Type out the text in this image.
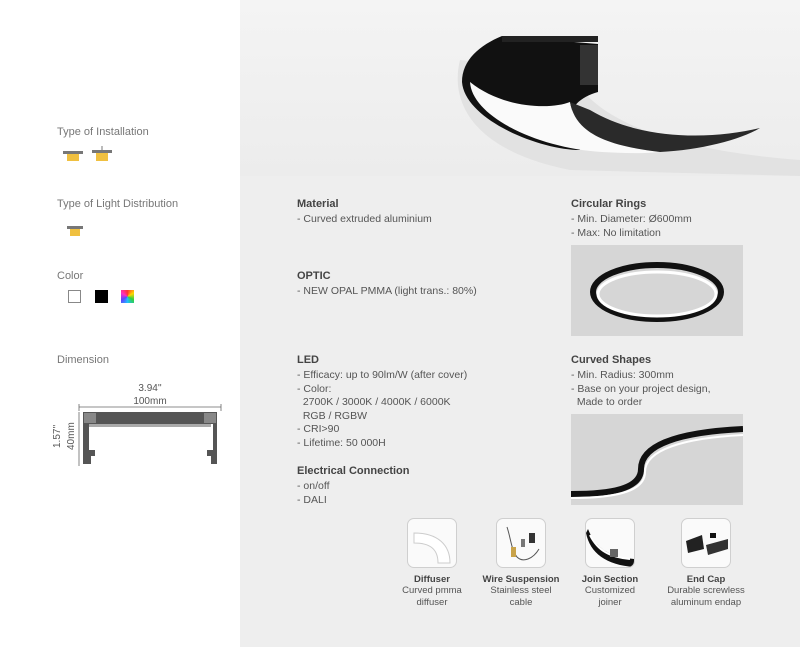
Type of Installation
Type of Light Distribution
Color
Dimension
3.94''
100mm
1.57'' 40mm
Material
- Curved extruded aluminium
OPTIC
- NEW OPAL PMMA (light trans.: 80%)
LED
- Efficacy: up to 90lm/W (after cover)
- Color:
2700K / 3000K / 4000K / 6000K
RGB / RGBW
- CRI>90
- Lifetime: 50 000H
Electrical Connection
- on/off
- DALI
Circular Rings
- Min. Diameter: Ø600mm
- Max: No limitation
Curved Shapes
- Min. Radius: 300mm
- Base on your project design,
Made to order
Diffuser
Curved pmma
diffuser
Wire Suspension
Stainless steel
cable
Join Section
Customized
joiner
End Cap
Durable screwless
aluminum endap
